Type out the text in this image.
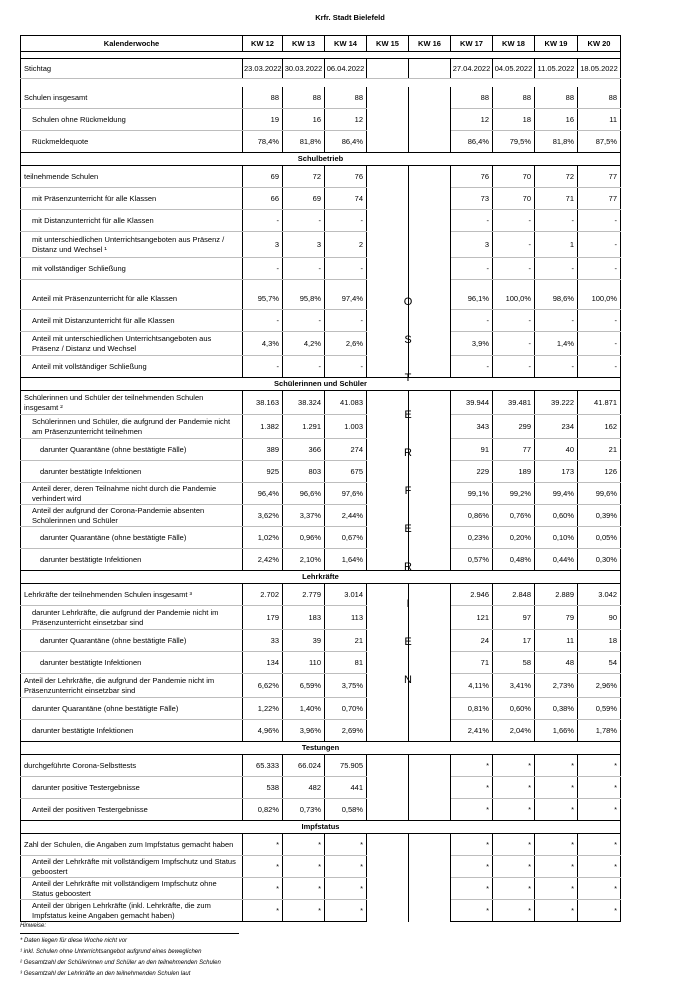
Krfr. Stadt Bielefeld
Kalenderwoche	KW 12	KW 13	KW 14	KW 15	KW 16	KW 17	KW 18	KW 19	KW 20

Stichtag	23.03.2022	30.03.2022	06.04.2022			27.04.2022	04.05.2022	11.05.2022	18.05.2022

Schulen insgesamt	88	88	88			88	88	88	88
Schulen ohne Rückmeldung	19	16	12			12	18	16	11
Rückmeldequote	78,4%	81,8%	86,4%			86,4%	79,5%	81,8%	87,5%
Schulbetrieb									
teilnehmende Schulen	69	72	76			76	70	72	77
mit Präsenzunterricht für alle Klassen	66	69	74			73	70	71	77
mit Distanzunterricht für alle Klassen	-	-	-			-	-	-	-
mit unterschiedlichen Unterrichtsangeboten aus Präsenz / Distanz und Wechsel ¹	3	3	2			3	-	1	-
mit vollständiger Schließung	-	-	-			-	-	-	-

Anteil mit Präsenzunterricht für alle Klassen	95,7%	95,8%	97,4%			96,1%	100,0%	98,6%	100,0%
Anteil mit Distanzunterricht für alle Klassen	-	-	-			-	-	-	-
Anteil mit unterschiedlichen Unterrichtsangeboten aus Präsenz / Distanz und Wechsel	4,3%	4,2%	2,6%			3,9%	-	1,4%	-
Anteil mit vollständiger Schließung	-	-	-			-	-	-	-
Schülerinnen und Schüler									
Schülerinnen und Schüler der teilnehmenden Schulen insgesamt ²	38.163	38.324	41.083			39.944	39.481	39.222	41.871
Schülerinnen und Schüler, die aufgrund der Pandemie nicht am Präsenzunterricht teilnehmen	1.382	1.291	1.003			343	299	234	162
darunter Quarantäne (ohne bestätigte Fälle)	389	366	274			91	77	40	21
darunter bestätigte Infektionen	925	803	675			229	189	173	126
Anteil derer, deren Teilnahme nicht durch die Pandemie verhindert wird	96,4%	96,6%	97,6%			99,1%	99,2%	99,4%	99,6%
Anteil der aufgrund der Corona-Pandemie absenten Schülerinnen und Schüler	3,62%	3,37%	2,44%			0,86%	0,76%	0,60%	0,39%
darunter Quarantäne (ohne bestätigte Fälle)	1,02%	0,96%	0,67%			0,23%	0,20%	0,10%	0,05%
darunter bestätigte Infektionen	2,42%	2,10%	1,64%			0,57%	0,48%	0,44%	0,30%
Lehrkräfte									
Lehrkräfte der teilnehmenden Schulen insgesamt ³	2.702	2.779	3.014			2.946	2.848	2.889	3.042
darunter Lehrkräfte, die aufgrund der Pandemie nicht im Präsenzunterricht einsetzbar sind	179	183	113			121	97	79	90
darunter Quarantäne (ohne bestätigte Fälle)	33	39	21			24	17	11	18
darunter bestätigte Infektionen	134	110	81			71	58	48	54
Anteil der Lehrkräfte, die aufgrund der Pandemie nicht im Präsenzunterricht einsetzbar sind	6,62%	6,59%	3,75%			4,11%	3,41%	2,73%	2,96%
darunter Quarantäne (ohne bestätigte Fälle)	1,22%	1,40%	0,70%			0,81%	0,60%	0,38%	0,59%
darunter bestätigte Infektionen	4,96%	3,96%	2,69%			2,41%	2,04%	1,66%	1,78%
Testungen									
durchgeführte Corona-Selbsttests	65.333	66.024	75.905			*	*	*	*
darunter positive Testergebnisse	538	482	441			*	*	*	*
Anteil der positiven Testergebnisse	0,82%	0,73%	0,58%			*	*	*	*
Impfstatus									
Zahl der Schulen, die Angaben zum Impfstatus gemacht haben	*	*	*			*	*	*	*
Anteil der Lehrkräfte mit vollständigem Impfschutz und Status geboostert	*	*	*			*	*	*	*
Anteil der Lehrkräfte mit vollständigem Impfschutz ohne Status geboostert	*	*	*			*	*	*	*
Anteil der übrigen Lehrkräfte (inkl. Lehrkräfte, die zum Impfstatus keine Angaben gemacht haben)	*	*	*			*	*	*	*
O
S
T
E
R
F
E
R
I
E
N
Hinweise:
* Daten liegen für diese Woche nicht vor
¹ inkl. Schulen ohne Unterrichtsangebot aufgrund eines beweglichen
² Gesamtzahl der Schülerinnen und Schüler an den teilnehmenden Schulen
³ Gesamtzahl der Lehrkräfte an den teilnehmenden Schulen laut
